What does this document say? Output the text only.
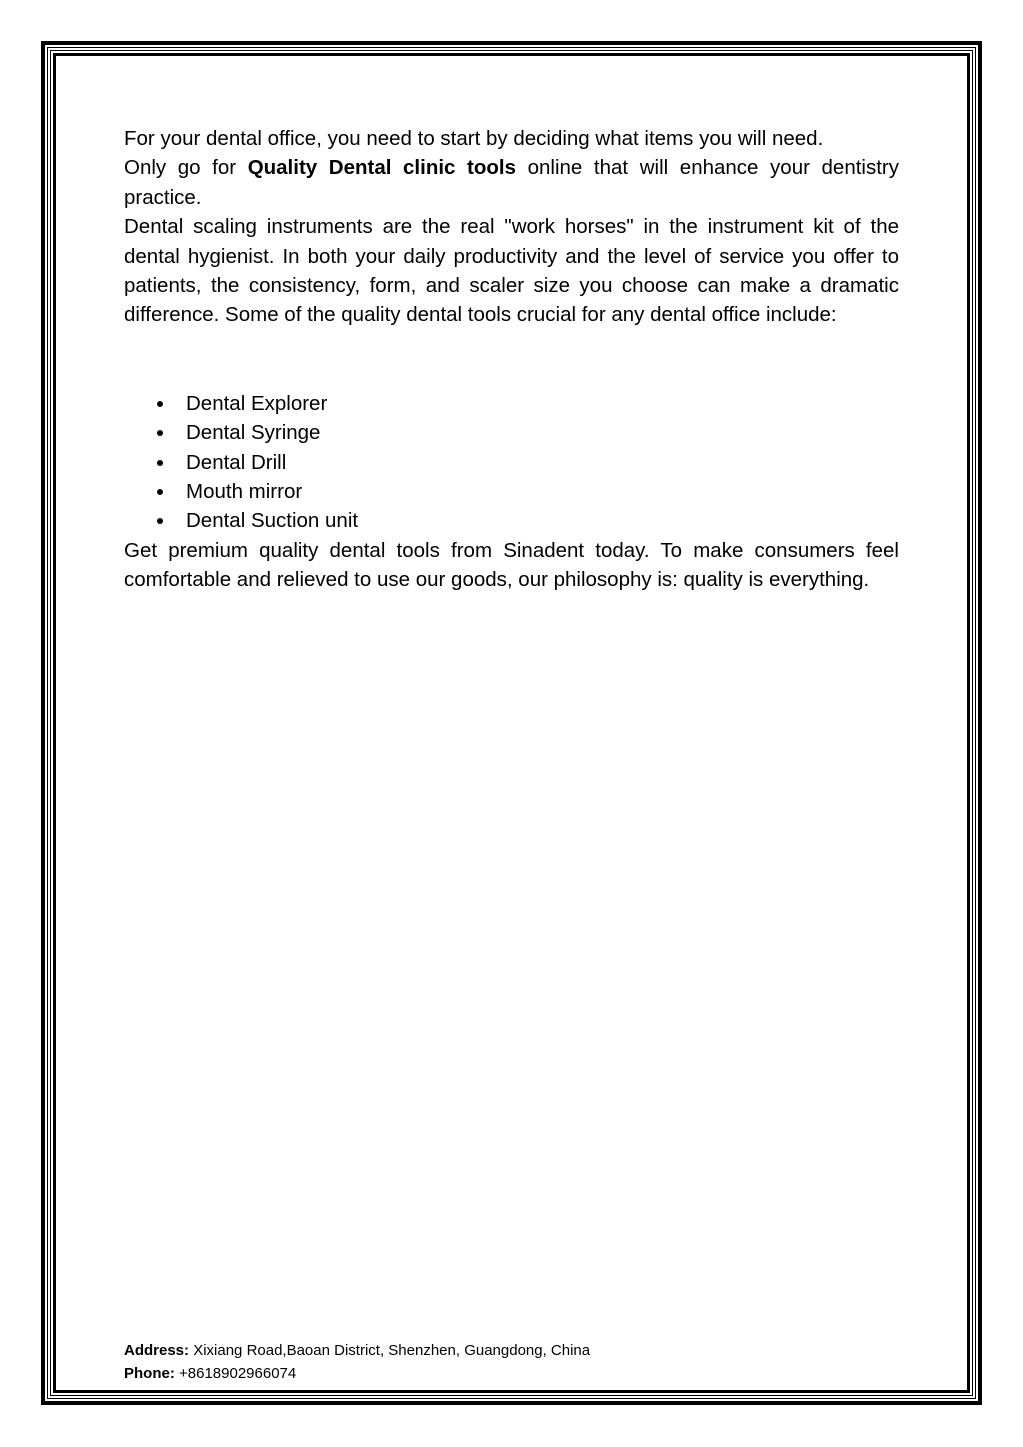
For your dental office, you need to start by deciding what items you will need.
Only go for Quality Dental clinic tools online that will enhance your dentistry practice.

Dental scaling instruments are the real "work horses" in the instrument kit of the dental hygienist. In both your daily productivity and the level of service you offer to patients, the consistency, form, and scaler size you choose can make a dramatic difference. Some of the quality dental tools crucial for any dental office include:

Dental Explorer
Dental Syringe
Dental Drill
Mouth mirror
Dental Suction unit

Get premium quality dental tools from Sinadent today. To make consumers feel comfortable and relieved to use our goods, our philosophy is: quality is everything.

Address: Xixiang Road,Baoan District, Shenzhen, Guangdong, China
Phone: +8618902966074
